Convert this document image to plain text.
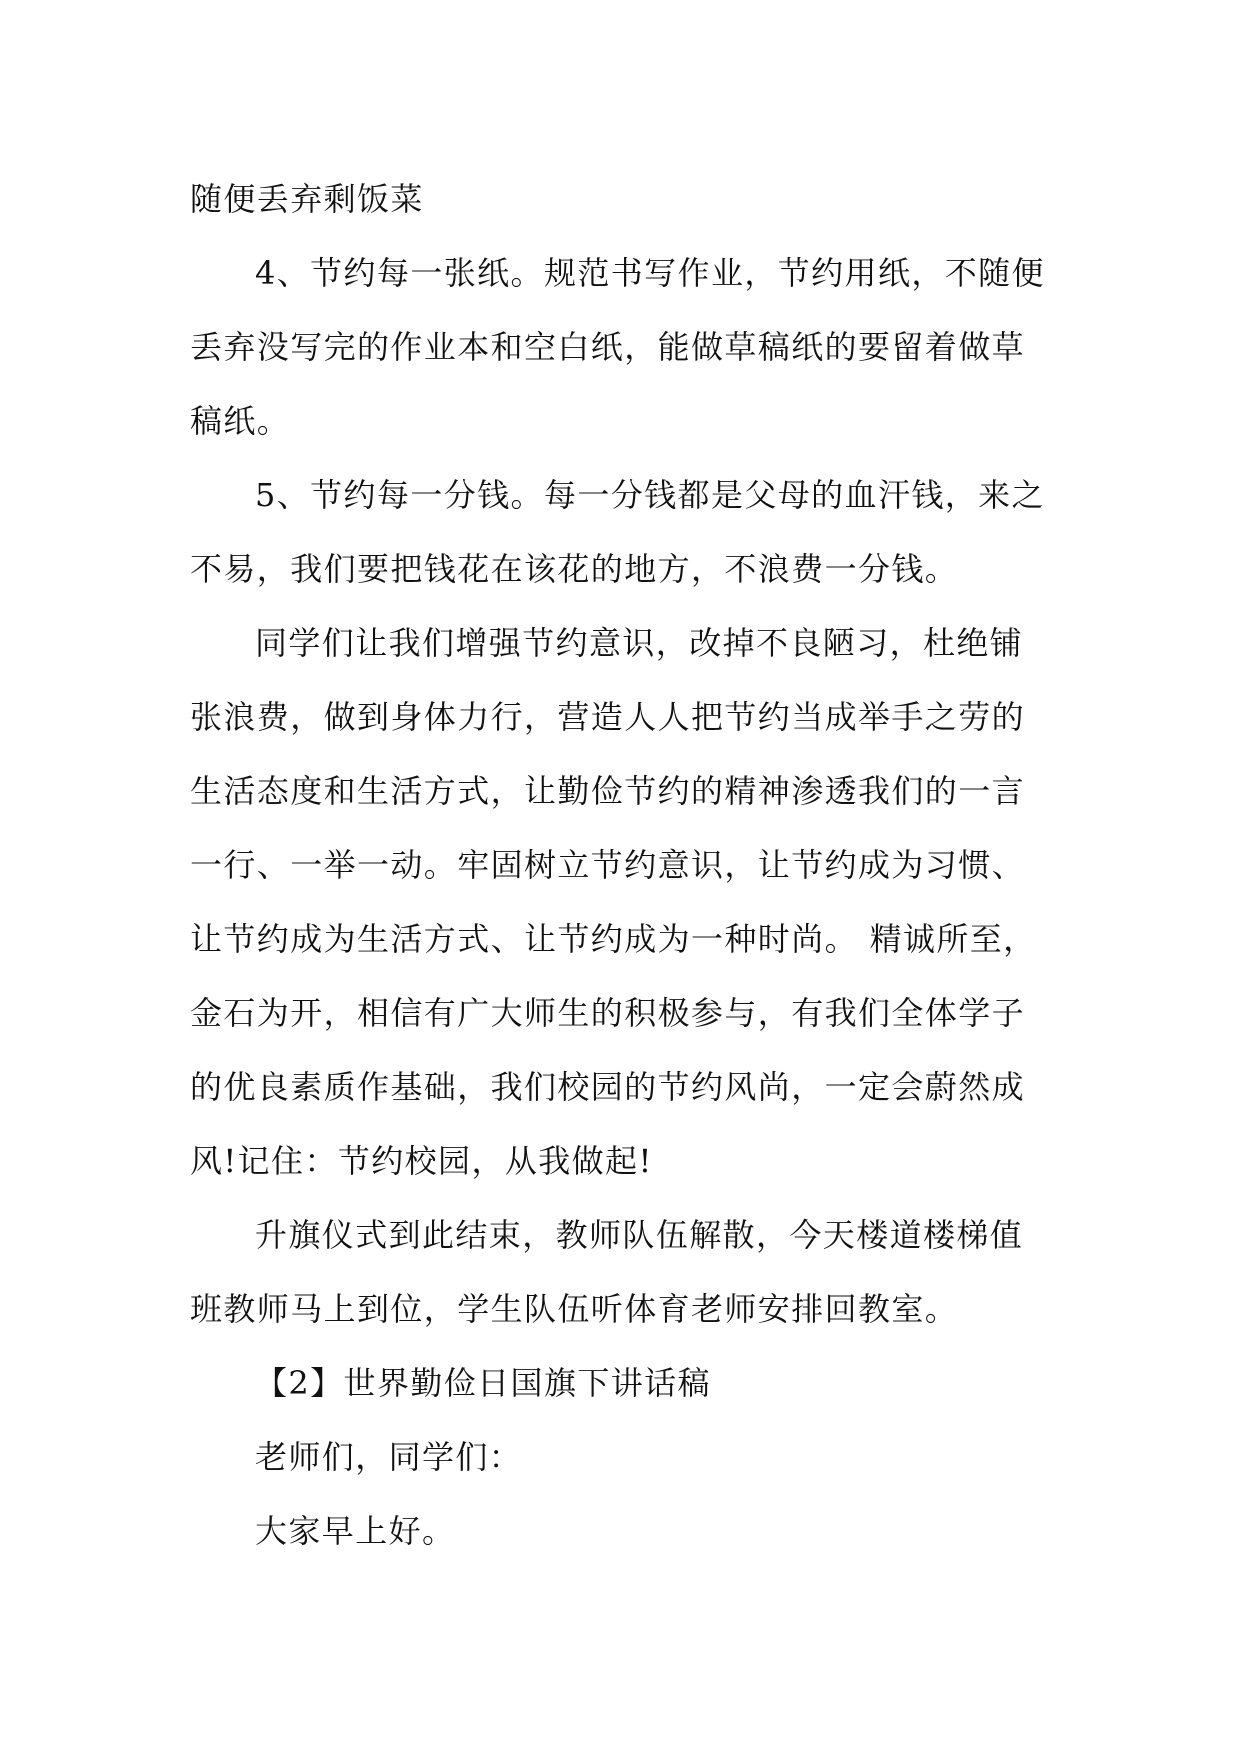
随便丢弃剩饭菜

4、节约每一张纸。规范书写作业，节约用纸，不随便

丢弃没写完的作业本和空白纸，能做草稿纸的要留着做草

稿纸。

5、节约每一分钱。每一分钱都是父母的血汗钱，来之

不易，我们要把钱花在该花的地方，不浪费一分钱。

同学们让我们增强节约意识，改掉不良陋习，杜绝铺

张浪费，做到身体力行，营造人人把节约当成举手之劳的

生活态度和生活方式，让勤俭节约的精神渗透我们的一言

一行、一举一动。牢固树立节约意识，让节约成为习惯、

让节约成为生活方式、让节约成为一种时尚。 精诚所至，

金石为开，相信有广大师生的积极参与，有我们全体学子

的优良素质作基础，我们校园的节约风尚，一定会蔚然成

风!记住：节约校园，从我做起!

升旗仪式到此结束，教师队伍解散，今天楼道楼梯值

班教师马上到位，学生队伍听体育老师安排回教室。

【2】世界勤俭日国旗下讲话稿

老师们，同学们：

大家早上好。
